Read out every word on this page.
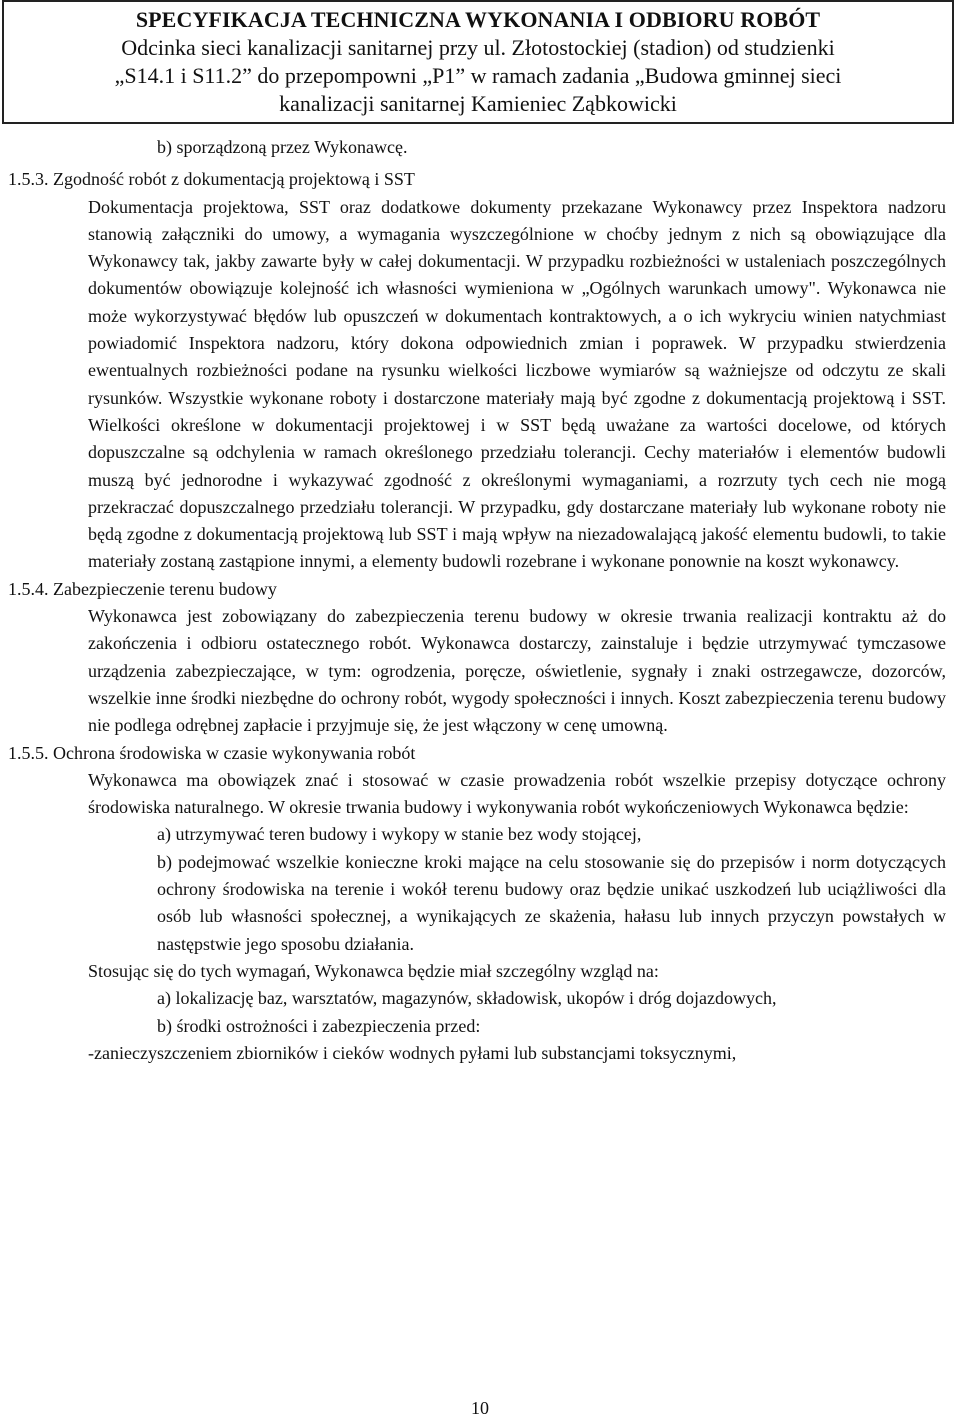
SPECYFIKACJA TECHNICZNA WYKONANIA I ODBIORU ROBÓT
Odcinka sieci kanalizacji sanitarnej przy ul. Złotostockiej (stadion) od studzienki
„S14.1 i S11.2” do przepompowni „P1” w ramach zadania „Budowa gminnej sieci
kanalizacji sanitarnej Kamieniec Ząbkowicki

b) sporządzoną przez Wykonawcę.

1.5.3. Zgodność robót z dokumentacją projektową i SST

Dokumentacja projektowa, SST oraz dodatkowe dokumenty przekazane Wykonawcy przez Inspektora nadzoru stanowią załączniki do umowy, a wymagania wyszczególnione w choćby jednym z nich są obowiązujące dla Wykonawcy tak, jakby zawarte były w całej dokumentacji. W przypadku rozbieżności w ustaleniach poszczególnych dokumentów obowiązuje kolejność ich własności wymieniona w „Ogólnych warunkach umowy". Wykonawca nie może wykorzystywać błędów lub opuszczeń w dokumentach kontraktowych, a o ich wykryciu winien natychmiast powiadomić Inspektora nadzoru, który dokona odpowiednich zmian i poprawek. W przypadku stwierdzenia ewentualnych rozbieżności podane na rysunku wielkości liczbowe wymiarów są ważniejsze od odczytu ze skali rysunków. Wszystkie wykonane roboty i dostarczone materiały mają być zgodne z dokumentacją projektową i SST. Wielkości określone w dokumentacji projektowej i w SST będą uważane za wartości docelowe, od których dopuszczalne są odchylenia w ramach określonego przedziału tolerancji. Cechy materiałów i elementów budowli muszą być jednorodne i wykazywać zgodność z określonymi wymaganiami, a rozrzuty tych cech nie mogą przekraczać dopuszczalnego przedziału tolerancji. W przypadku, gdy dostarczane materiały lub wykonane roboty nie będą zgodne z dokumentacją projektową lub SST i mają wpływ na niezadowalającą jakość elementu budowli, to takie materiały zostaną zastąpione innymi, a elementy budowli rozebrane i wykonane ponownie na koszt wykonawcy.

1.5.4. Zabezpieczenie terenu budowy

Wykonawca jest zobowiązany do zabezpieczenia terenu budowy w okresie trwania realizacji kontraktu aż do zakończenia i odbioru ostatecznego robót. Wykonawca dostarczy, zainstaluje i będzie utrzymywać tymczasowe urządzenia zabezpieczające, w tym: ogrodzenia, poręcze, oświetlenie, sygnały i znaki ostrzegawcze, dozorców, wszelkie inne środki niezbędne do ochrony robót, wygody społeczności i innych. Koszt zabezpieczenia terenu budowy nie podlega odrębnej zapłacie i przyjmuje się, że jest włączony w cenę umowną.

1.5.5. Ochrona środowiska w czasie wykonywania robót

Wykonawca ma obowiązek znać i stosować w czasie prowadzenia robót wszelkie przepisy dotyczące ochrony środowiska naturalnego. W okresie trwania budowy i wykonywania robót wykończeniowych Wykonawca będzie:

a) utrzymywać teren budowy i wykopy w stanie bez wody stojącej,

b) podejmować wszelkie konieczne kroki mające na celu stosowanie się do przepisów i norm dotyczących ochrony środowiska na terenie i wokół terenu budowy oraz będzie unikać uszkodzeń lub uciążliwości dla osób lub własności społecznej, a wynikających ze skażenia, hałasu lub innych przyczyn powstałych w następstwie jego sposobu działania.

Stosując się do tych wymagań, Wykonawca będzie miał szczególny wzgląd na:

a) lokalizację baz, warsztatów, magazynów, składowisk, ukopów i dróg dojazdowych,

b) środki ostrożności i zabezpieczenia przed:

-zanieczyszczeniem zbiorników i cieków wodnych pyłami lub substancjami toksycznymi,

10
